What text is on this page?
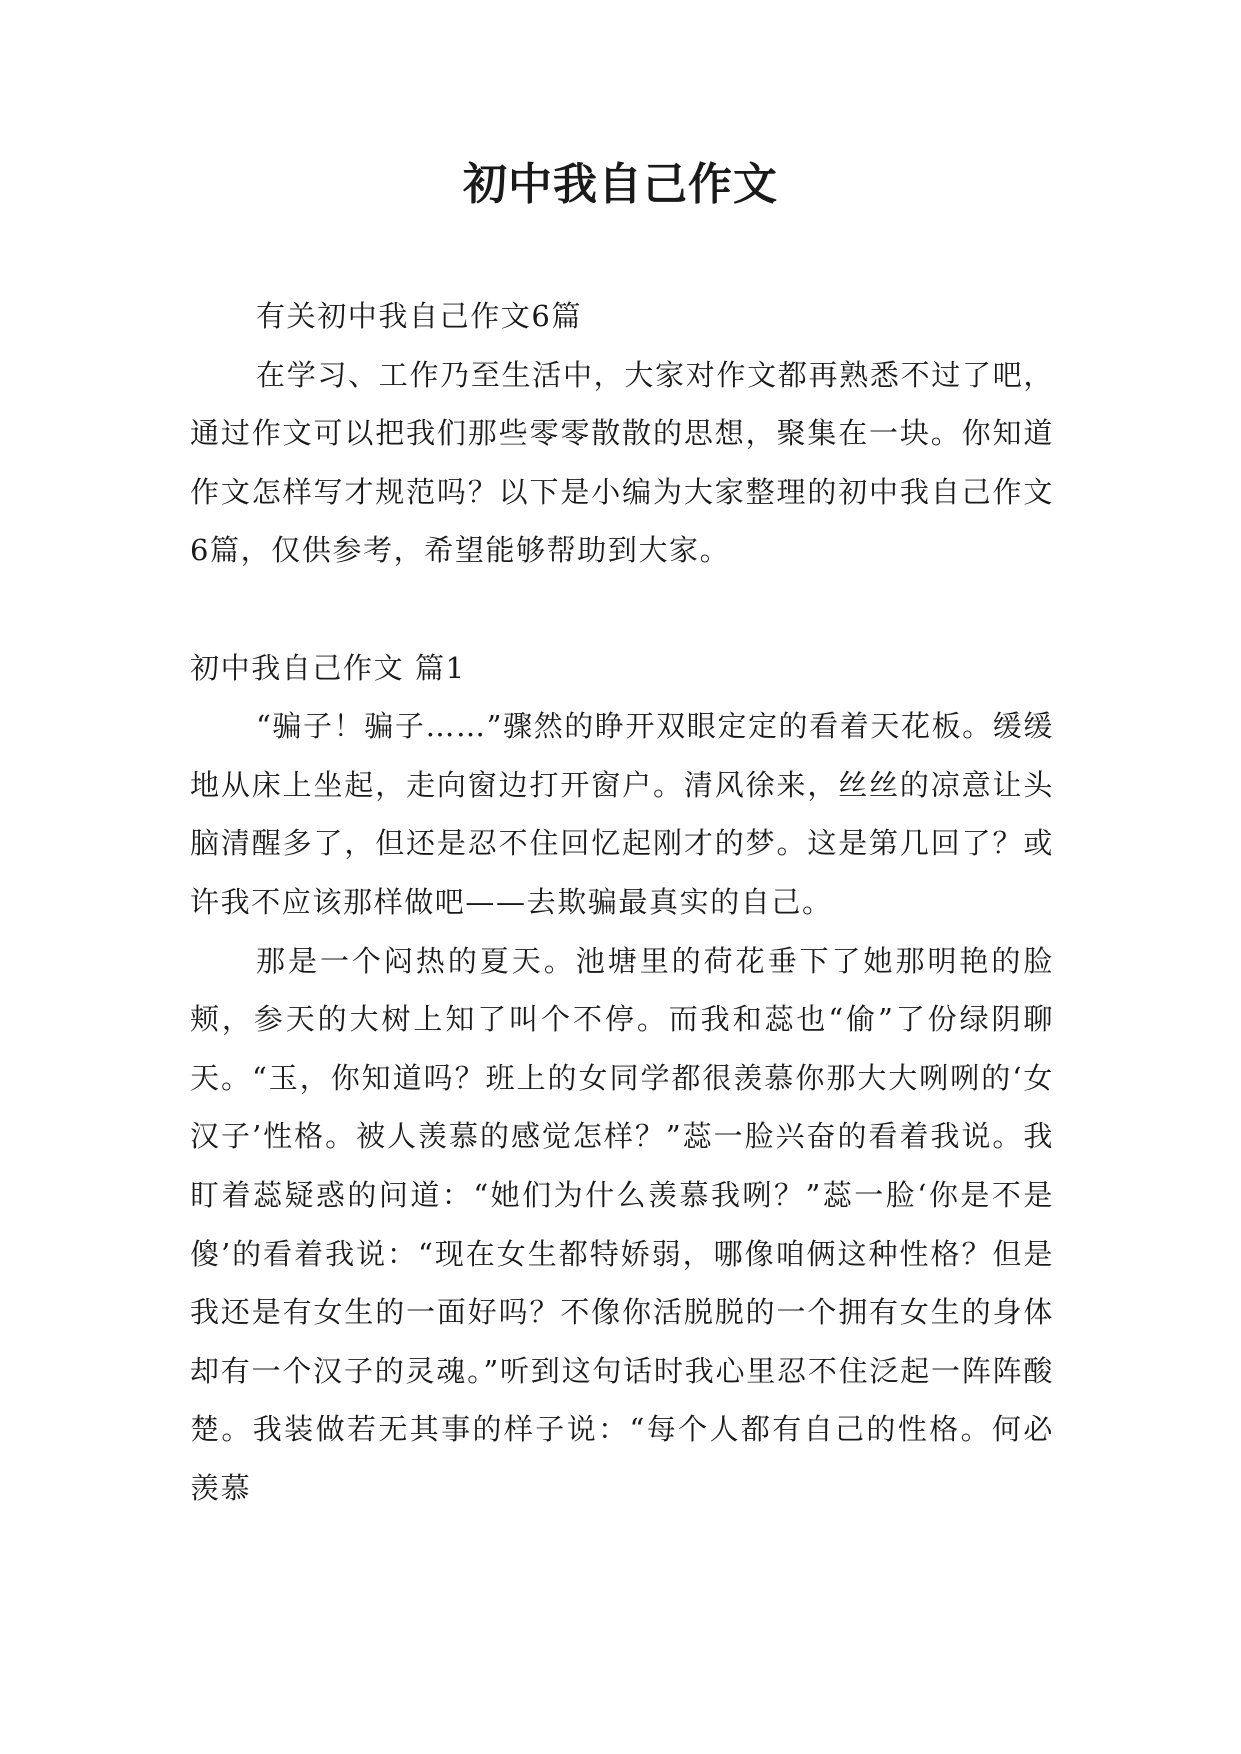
初中我自己作文

有关初中我自己作文6篇

在学习、工作乃至生活中，大家对作文都再熟悉不过了吧，通过作文可以把我们那些零零散散的思想，聚集在一块。你知道作文怎样写才规范吗？以下是小编为大家整理的初中我自己作文6篇，仅供参考，希望能够帮助到大家。

初中我自己作文 篇1

“骗子！骗子……”骤然的睁开双眼定定的看着天花板。缓缓地从床上坐起，走向窗边打开窗户。清风徐来，丝丝的凉意让头脑清醒多了，但还是忍不住回忆起刚才的梦。这是第几回了？或许我不应该那样做吧——去欺骗最真实的自己。

那是一个闷热的夏天。池塘里的荷花垂下了她那明艳的脸颊，参天的大树上知了叫个不停。而我和蕊也“偷”了份绿阴聊天。“玉，你知道吗？班上的女同学都很羡慕你那大大咧咧的‘女汉子’性格。被人羡慕的感觉怎样？”蕊一脸兴奋的看着我说。我盯着蕊疑惑的问道：“她们为什么羡慕我咧？”蕊一脸‘你是不是傻’的看着我说：“现在女生都特娇弱，哪像咱俩这种性格？但是我还是有女生的一面好吗？不像你活脱脱的一个拥有女生的身体却有一个汉子的灵魂。”听到这句话时我心里忍不住泛起一阵阵酸楚。我装做若无其事的样子说：“每个人都有自己的性格。何必羡慕
